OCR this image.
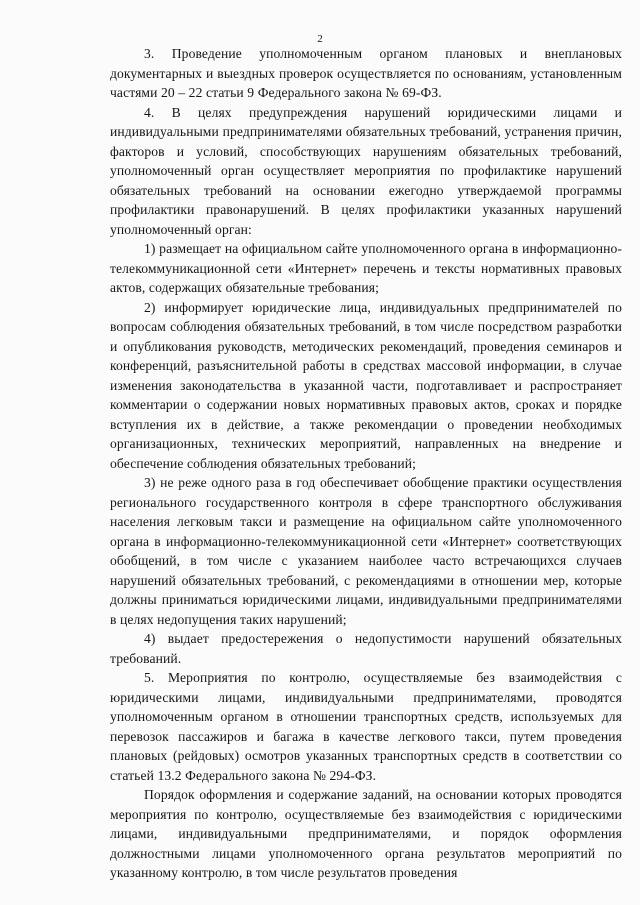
2

3. Проведение уполномоченным органом плановых и внеплановых документарных и выездных проверок осуществляется по основаниям, установленным частями 20 – 22 статьи 9 Федерального закона № 69-ФЗ.

4. В целях предупреждения нарушений юридическими лицами и индивидуальными предпринимателями обязательных требований, устранения причин, факторов и условий, способствующих нарушениям обязательных требований, уполномоченный орган осуществляет мероприятия по профилактике нарушений обязательных требований на основании ежегодно утверждаемой программы профилактики правонарушений. В целях профилактики указанных нарушений уполномоченный орган:

1) размещает на официальном сайте уполномоченного органа в информационно-телекоммуникационной сети «Интернет» перечень и тексты нормативных правовых актов, содержащих обязательные требования;

2) информирует юридические лица, индивидуальных предпринимателей по вопросам соблюдения обязательных требований, в том числе посредством разработки и опубликования руководств, методических рекомендаций, проведения семинаров и конференций, разъяснительной работы в средствах массовой информации, в случае изменения законодательства в указанной части, подготавливает и распространяет комментарии о содержании новых нормативных правовых актов, сроках и порядке вступления их в действие, а также рекомендации о проведении необходимых организационных, технических мероприятий, направленных на внедрение и обеспечение соблюдения обязательных требований;

3) не реже одного раза в год обеспечивает обобщение практики осуществления регионального государственного контроля в сфере транспортного обслуживания населения легковым такси и размещение на официальном сайте уполномоченного органа в информационно-телекоммуникационной сети «Интернет» соответствующих обобщений, в том числе с указанием наиболее часто встречающихся случаев нарушений обязательных требований, с рекомендациями в отношении мер, которые должны приниматься юридическими лицами, индивидуальными предпринимателями в целях недопущения таких нарушений;

4) выдает предостережения о недопустимости нарушений обязательных требований.

5. Мероприятия по контролю, осуществляемые без взаимодействия с юридическими лицами, индивидуальными предпринимателями, проводятся уполномоченным органом в отношении транспортных средств, используемых для перевозок пассажиров и багажа в качестве легкового такси, путем проведения плановых (рейдовых) осмотров указанных транспортных средств в соответствии со статьей 13.2 Федерального закона № 294-ФЗ.

Порядок оформления и содержание заданий, на основании которых проводятся мероприятия по контролю, осуществляемые без взаимодействия с юридическими лицами, индивидуальными предпринимателями, и порядок оформления должностными лицами уполномоченного органа результатов мероприятий по указанному контролю, в том числе результатов проведения
